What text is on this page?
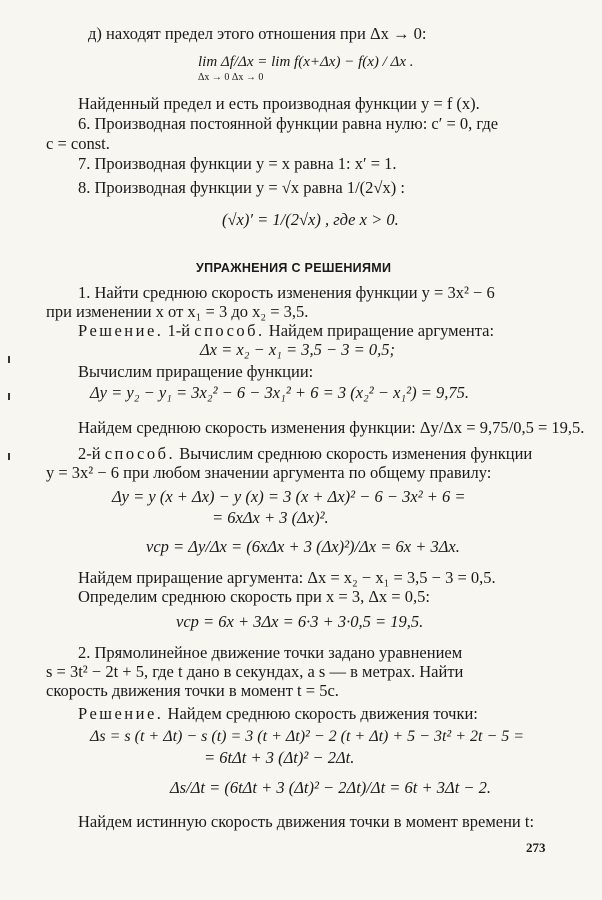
д) находят предел этого отношения при Δx → 0:
lim Δf/Δx = lim f(x+Δx) − f(x) / Δx .
Δx → 0 Δx → 0
Найденный предел и есть производная функции y = f (x).
6. Производная постоянной функции равна нулю: c′ = 0, где
c = const.
7. Производная функции y = x равна 1: x′ = 1.
8. Производная функции y = √x равна 1/(2√x) :
(√x)′ = 1/(2√x) , где x > 0.
УПРАЖНЕНИЯ С РЕШЕНИЯМИ
1. Найти среднюю скорость изменения функции y = 3x² − 6
при изменении x от x₁ = 3 до x₂ = 3,5.
Решение. 1-й способ. Найдем приращение аргумента:
Δx = x₂ − x₁ = 3,5 − 3 = 0,5;
Вычислим приращение функции:
Δy = y₂ − y₁ = 3x₂² − 6 − 3x₁² + 6 = 3 (x₂² − x₁²) = 9,75.
Найдем среднюю скорость изменения функции: Δy/Δx = 9,75/0,5 = 19,5.
2-й способ. Вычислим среднюю скорость изменения функции
y = 3x² − 6 при любом значении аргумента по общему правилу:
Δy = y (x + Δx) − y (x) = 3 (x + Δx)² − 6 − 3x² + 6 =
= 6xΔx + 3 (Δx)².
vср = Δy/Δx = (6xΔx + 3 (Δx)²)/Δx = 6x + 3Δx.
Найдем приращение аргумента: Δx = x₂ − x₁ = 3,5 − 3 = 0,5.
Определим среднюю скорость при x = 3, Δx = 0,5:
vср = 6x + 3Δx = 6·3 + 3·0,5 = 19,5.
2. Прямолинейное движение точки задано уравнением
s = 3t² − 2t + 5, где t дано в секундах, а s — в метрах. Найти
скорость движения точки в момент t = 5c.
Решение. Найдем среднюю скорость движения точки:
Δs = s (t + Δt) − s (t) = 3 (t + Δt)² − 2 (t + Δt) + 5 − 3t² + 2t − 5 =
= 6tΔt + 3 (Δt)² − 2Δt.
Δs/Δt = (6tΔt + 3 (Δt)² − 2Δt)/Δt = 6t + 3Δt − 2.
Найдем истинную скорость движения точки в момент времени t:
273
